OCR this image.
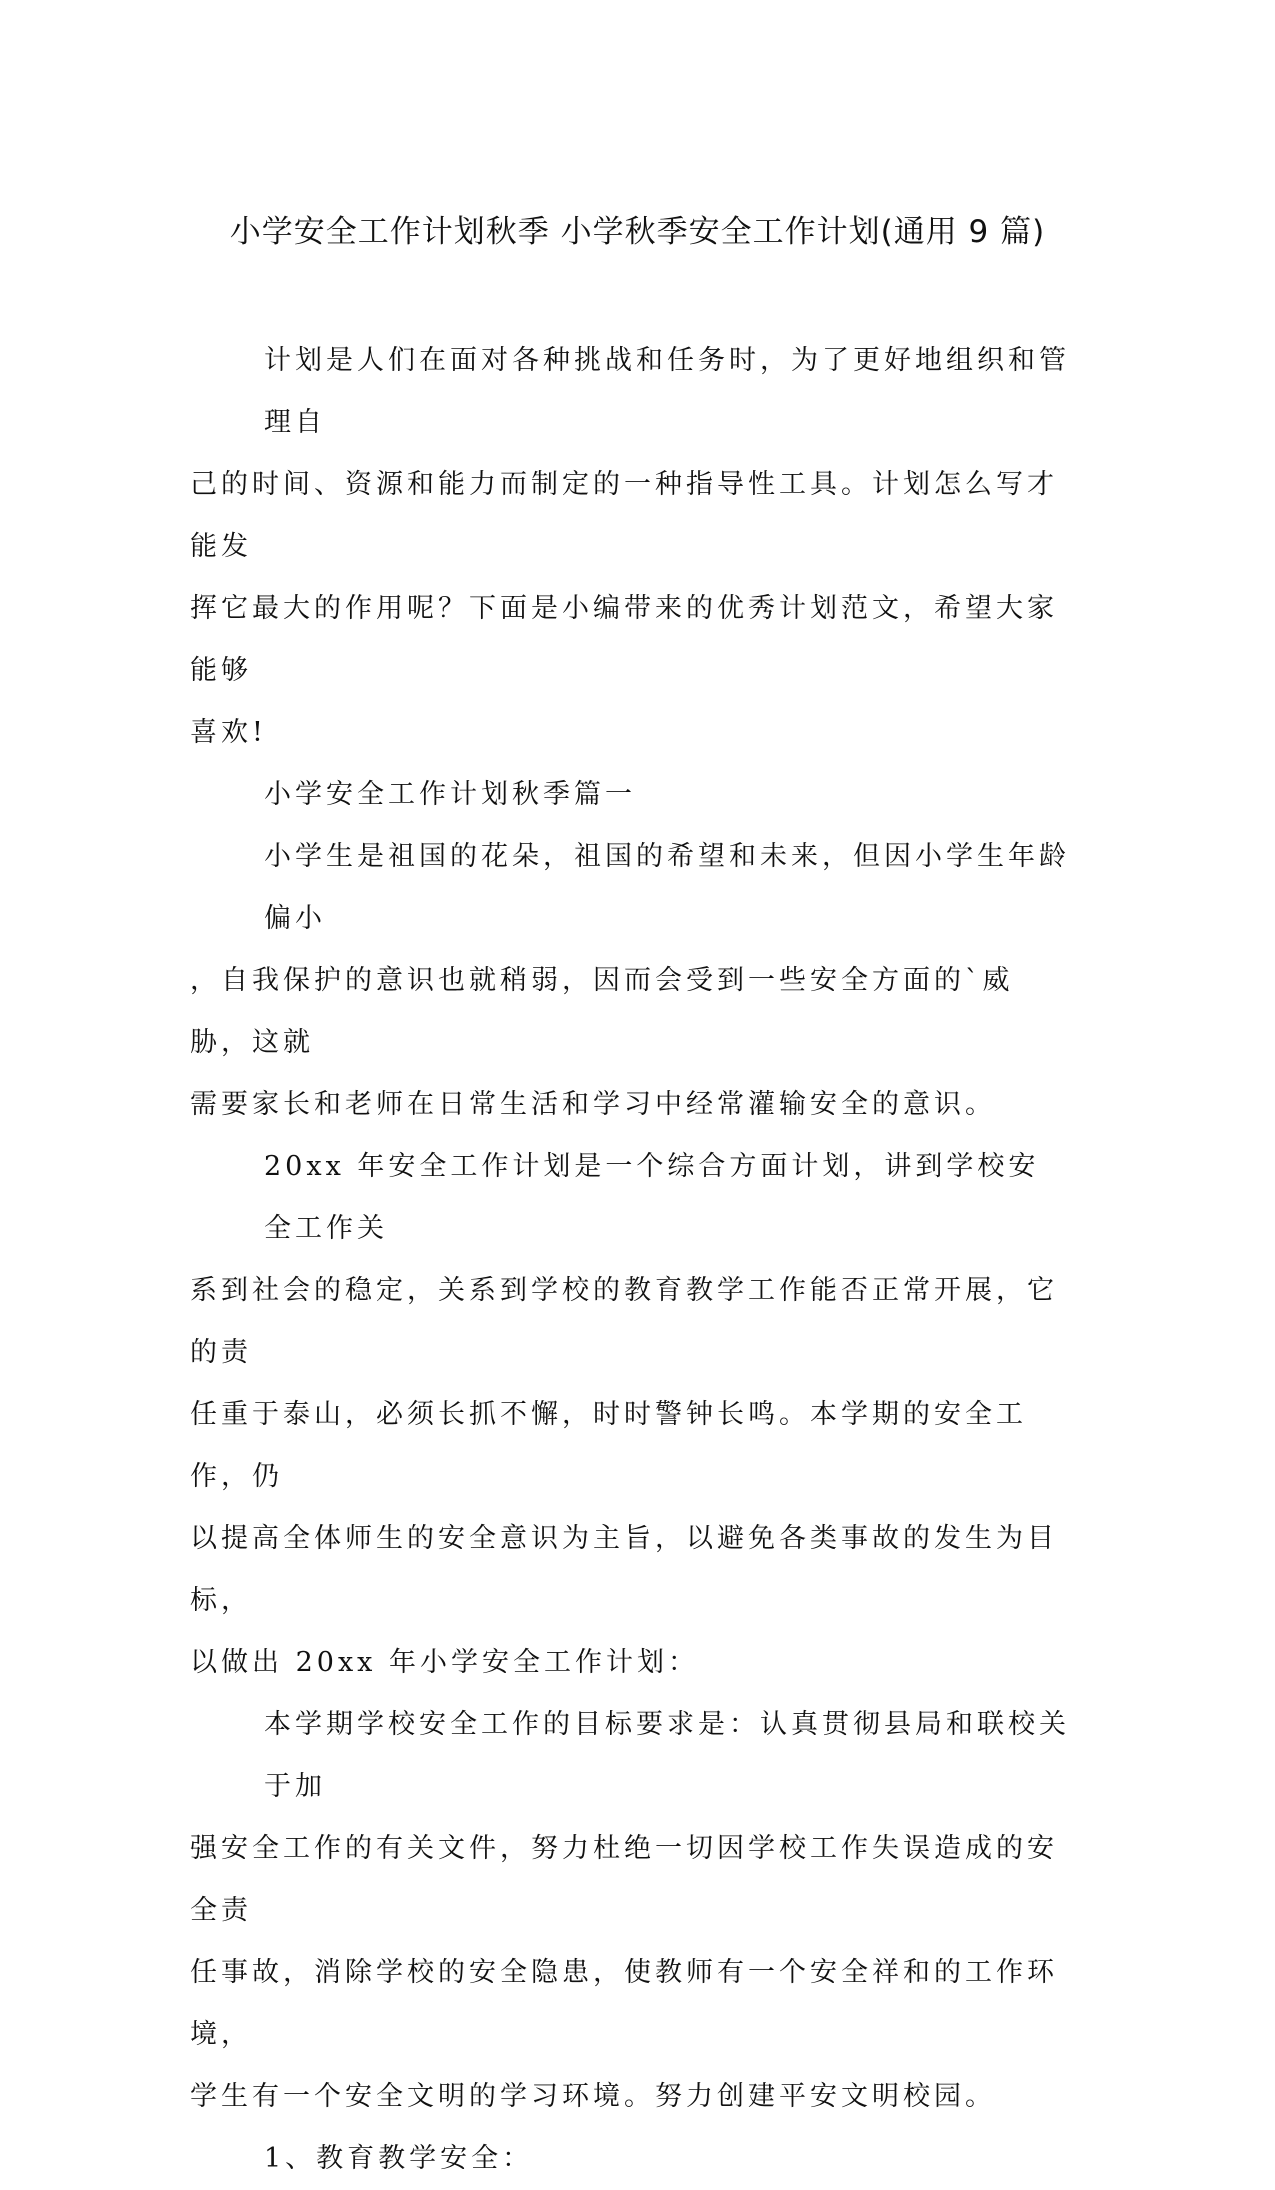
小学安全工作计划秋季 小学秋季安全工作计划(通用 9 篇)

计划是人们在面对各种挑战和任务时，为了更好地组织和管理自

己的时间、资源和能力而制定的一种指导性工具。计划怎么写才能发

挥它最大的作用呢？下面是小编带来的优秀计划范文，希望大家能够

喜欢!

小学安全工作计划秋季篇一

小学生是祖国的花朵，祖国的希望和未来，但因小学生年龄偏小

，自我保护的意识也就稍弱，因而会受到一些安全方面的`威胁，这就

需要家长和老师在日常生活和学习中经常灌输安全的意识。

20xx 年安全工作计划是一个综合方面计划，讲到学校安全工作关

系到社会的稳定，关系到学校的教育教学工作能否正常开展，它的责

任重于泰山，必须长抓不懈，时时警钟长鸣。本学期的安全工作，仍

以提高全体师生的安全意识为主旨，以避免各类事故的发生为目标，

以做出 20xx 年小学安全工作计划：

本学期学校安全工作的目标要求是：认真贯彻县局和联校关于加

强安全工作的有关文件，努力杜绝一切因学校工作失误造成的安全责

任事故，消除学校的安全隐患，使教师有一个安全祥和的工作环境，

学生有一个安全文明的学习环境。努力创建平安文明校园。

1、教育教学安全：
